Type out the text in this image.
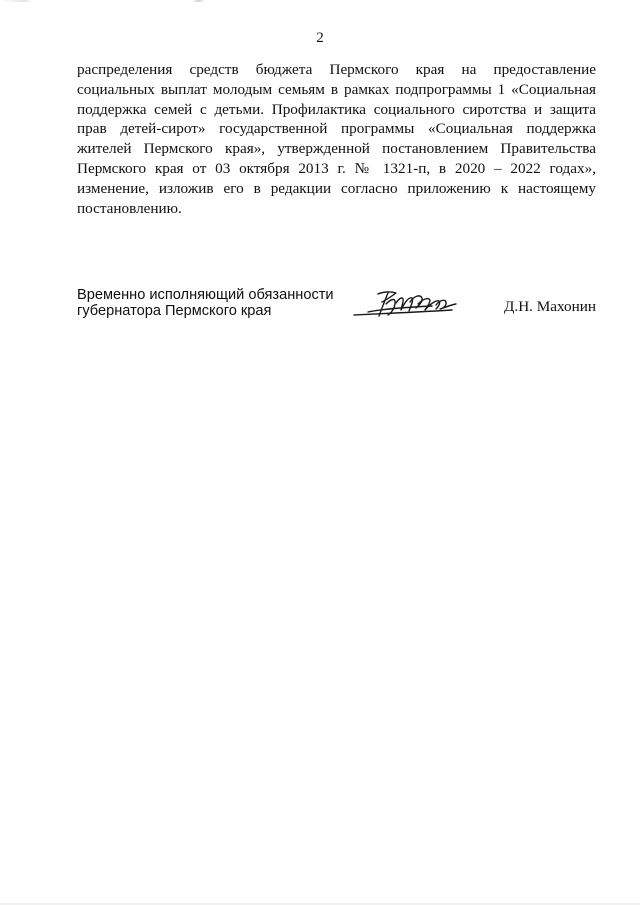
2
распределения средств бюджета Пермского края на предоставление
социальных выплат молодым семьям в рамках подпрограммы 1 «Социальная
поддержка семей с детьми. Профилактика социального сиротства и защита
прав детей-сирот» государственной программы «Социальная поддержка
жителей Пермского края», утвержденной постановлением Правительства
Пермского края от 03 октября 2013 г. № 1321-п, в 2020 – 2022 годах»,
изменение, изложив его в редакции согласно приложению к настоящему
постановлению.
Временно исполняющий обязанности
губернатора Пермского края	Д.Н. Махонин
